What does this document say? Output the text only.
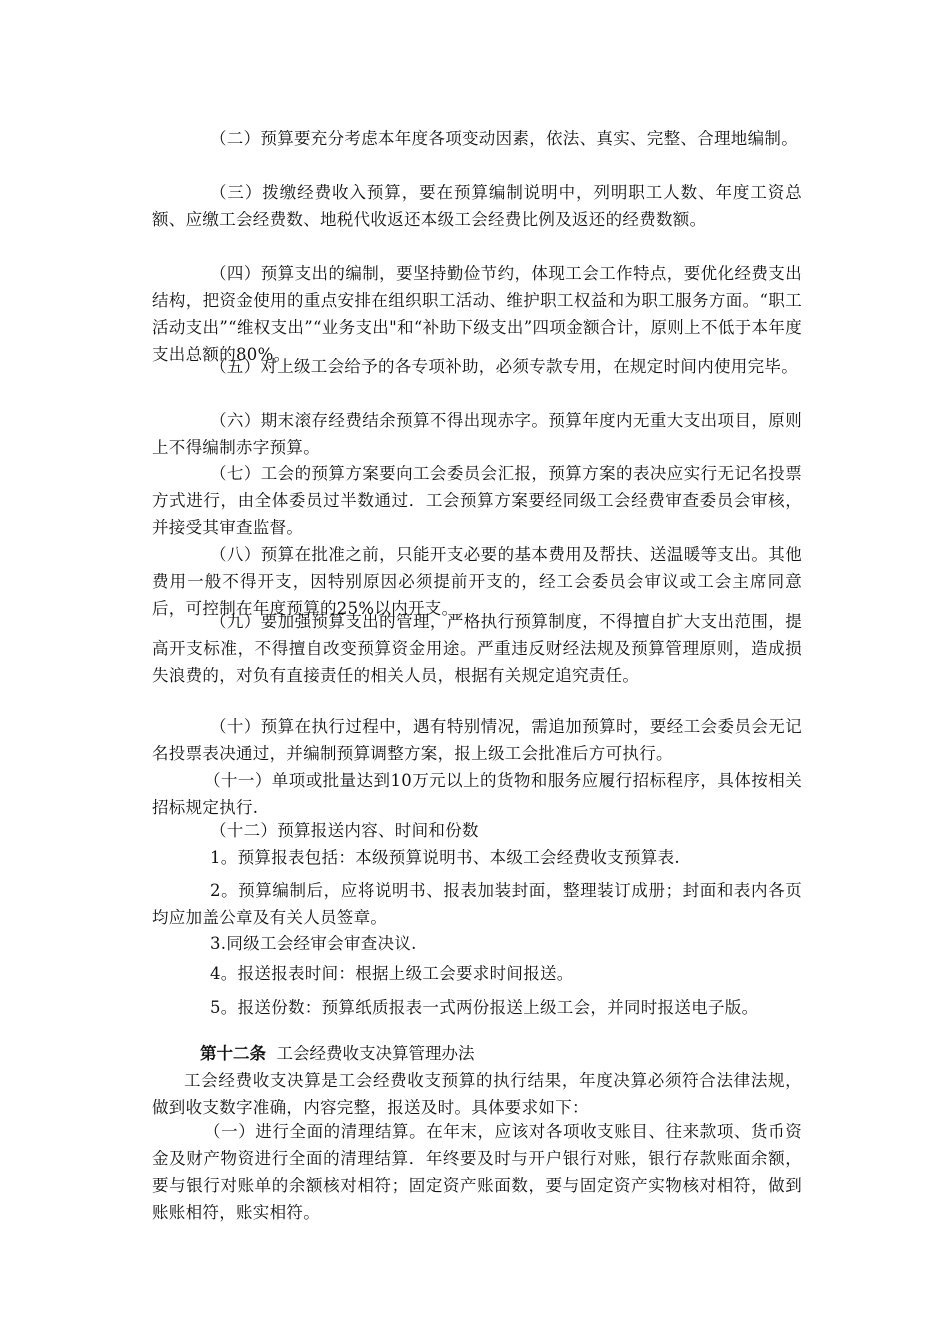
（二）预算要充分考虑本年度各项变动因素，依法、真实、完整、合理地编制。

（三）拨缴经费收入预算，要在预算编制说明中，列明职工人数、年度工资总额、应缴工会经费数、地税代收返还本级工会经费比例及返还的经费数额。

（四）预算支出的编制，要坚持勤俭节约，体现工会工作特点，要优化经费支出结构，把资金使用的重点安排在组织职工活动、维护职工权益和为职工服务方面。“职工活动支出”“维权支出”“业务支出"和“补助下级支出”四项金额合计，原则上不低于本年度支出总额的80%。

（五）对上级工会给予的各专项补助，必须专款专用，在规定时间内使用完毕。

（六）期末滚存经费结余预算不得出现赤字。预算年度内无重大支出项目，原则上不得编制赤字预算。

（七）工会的预算方案要向工会委员会汇报，预算方案的表决应实行无记名投票方式进行，由全体委员过半数通过．工会预算方案要经同级工会经费审查委员会审核，并接受其审查监督。

（八）预算在批准之前，只能开支必要的基本费用及帮扶、送温暖等支出。其他费用一般不得开支，因特别原因必须提前开支的，经工会委员会审议或工会主席同意后，可控制在年度预算的25%以内开支。

（九）要加强预算支出的管理，严格执行预算制度，不得擅自扩大支出范围，提高开支标准，不得擅自改变预算资金用途。严重违反财经法规及预算管理原则，造成损失浪费的，对负有直接责任的相关人员，根据有关规定追究责任。

（十）预算在执行过程中，遇有特别情况，需追加预算时，要经工会委员会无记名投票表决通过，并编制预算调整方案，报上级工会批准后方可执行。

（十一）单项或批量达到10万元以上的货物和服务应履行招标程序，具体按相关招标规定执行.

（十二）预算报送内容、时间和份数

1。预算报表包括：本级预算说明书、本级工会经费收支预算表.

2。预算编制后，应将说明书、报表加装封面，整理装订成册；封面和表内各页均应加盖公章及有关人员签章。

3.同级工会经审会审查决议.

4。报送报表时间：根据上级工会要求时间报送。

5。报送份数：预算纸质报表一式两份报送上级工会，并同时报送电子版。

第十二条 工会经费收支决算管理办法

工会经费收支决算是工会经费收支预算的执行结果，年度决算必须符合法律法规，做到收支数字准确，内容完整，报送及时。具体要求如下：

（一）进行全面的清理结算。在年末，应该对各项收支账目、往来款项、货币资金及财产物资进行全面的清理结算．年终要及时与开户银行对账，银行存款账面余额，要与银行对账单的余额核对相符；固定资产账面数，要与固定资产实物核对相符，做到账账相符，账实相符。
